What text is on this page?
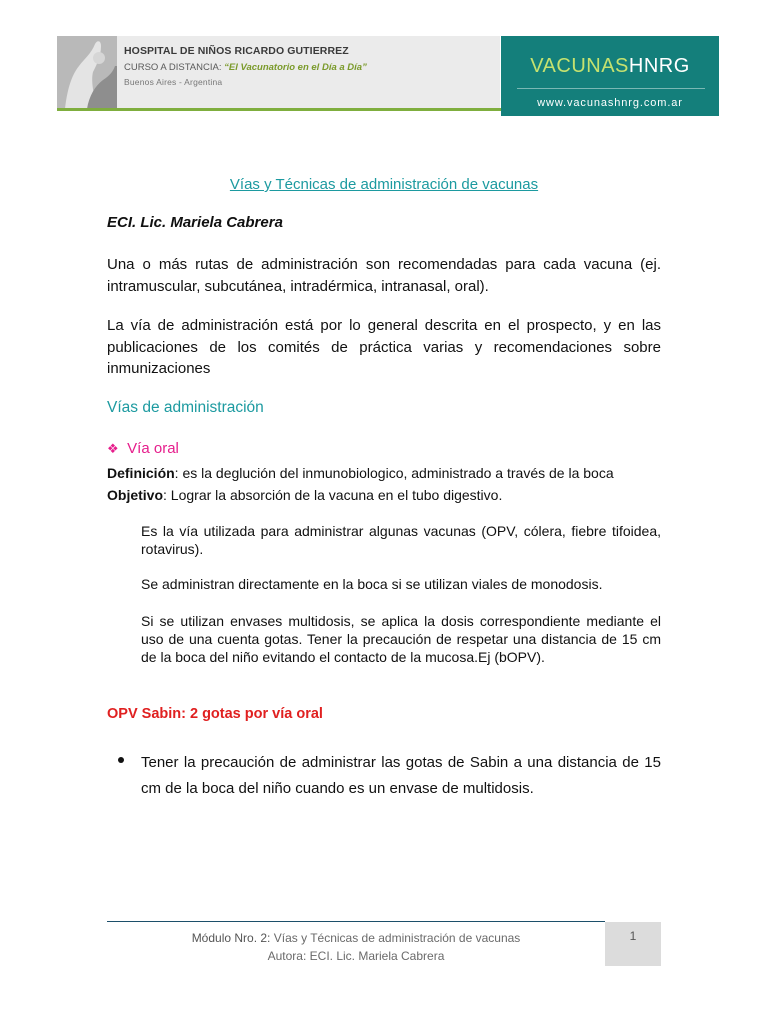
HOSPITAL DE NIÑOS RICARDO GUTIERREZ
CURSO A DISTANCIA: “El Vacunatorio en el Día a Día”
Buenos Aires - Argentina
VACUNASHNRG
www.vacunashnrg.com.ar
Vías y Técnicas de administración de vacunas
ECI. Lic. Mariela Cabrera
Una o más rutas de administración son recomendadas para cada vacuna (ej. intramuscular, subcutánea, intradérmica, intranasal, oral).
La vía de administración está por lo general descrita en el prospecto, y en las publicaciones de los comités de práctica varias y recomendaciones sobre inmunizaciones
Vías de administración
❖ Vía oral
Definición: es la deglución del inmunobiologico, administrado a través de la boca
Objetivo: Lograr la absorción de la vacuna en el tubo digestivo.
Es la vía utilizada para administrar algunas vacunas (OPV, cólera, fiebre tifoidea, rotavirus).
Se administran directamente en la boca si se utilizan viales de monodosis.
Si se utilizan envases multidosis, se aplica la dosis correspondiente mediante el uso de una cuenta gotas. Tener la precaución de respetar una distancia de 15 cm de la boca del niño evitando el contacto de la mucosa.Ej (bOPV).
OPV Sabin: 2 gotas por vía oral
Tener la precaución de administrar las gotas de Sabin a una distancia de 15 cm de la boca del niño cuando es un envase de multidosis.
Módulo Nro. 2: Vías y Técnicas de administración de vacunas
Autora: ECI. Lic. Mariela Cabrera
1
